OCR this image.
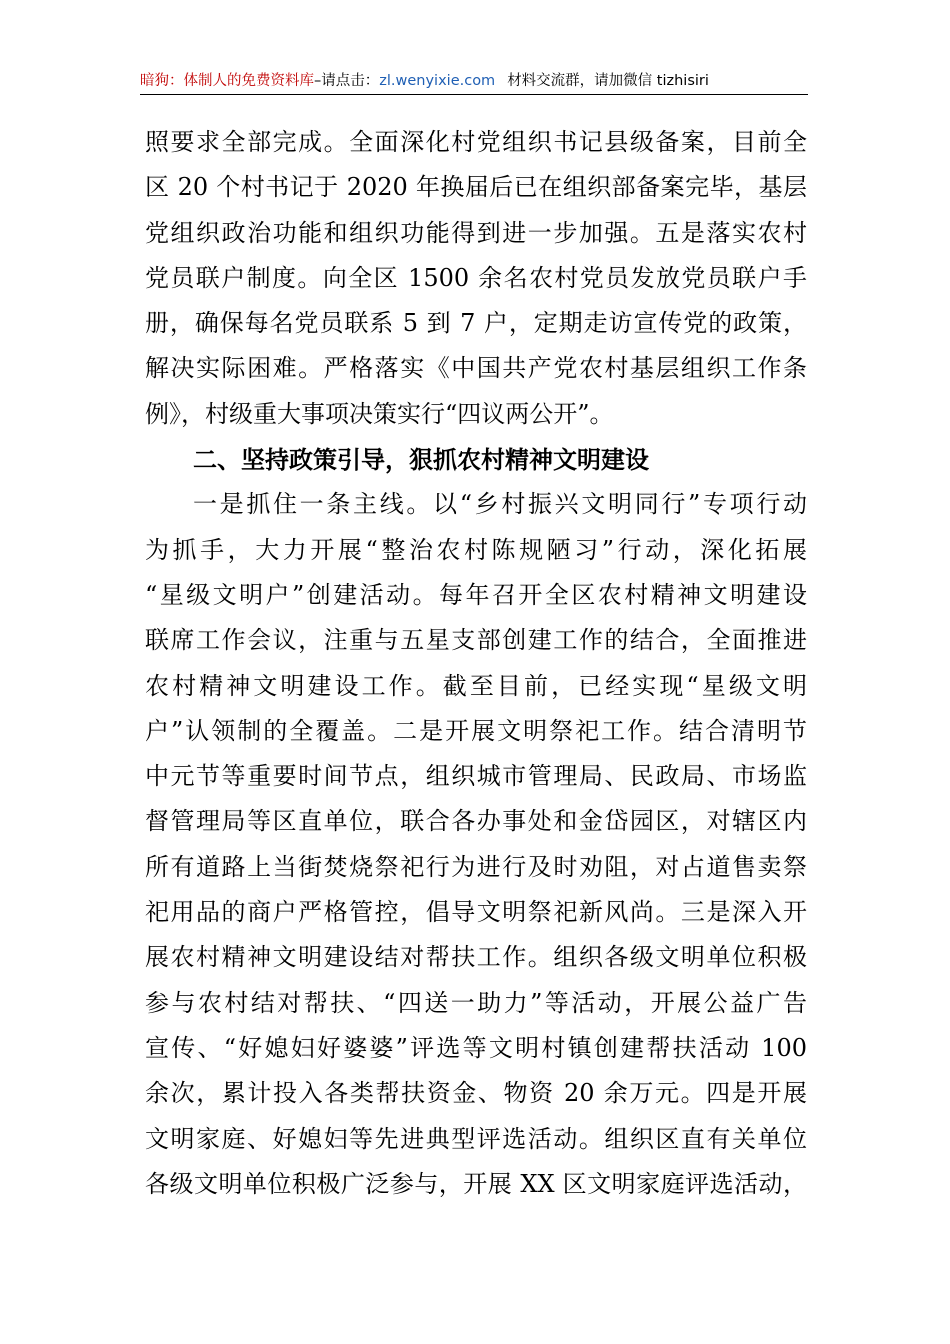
暗狗：体制人的免费资料库–请点击：zl.wenyixie.com 材料交流群，请加微信 tizhisiri
照要求全部完成。全面深化村党组织书记县级备案，目前全
区 20 个村书记于 2020 年换届后已在组织部备案完毕，基层
党组织政治功能和组织功能得到进一步加强。五是落实农村
党员联户制度。向全区 1500 余名农村党员发放党员联户手
册，确保每名党员联系 5 到 7 户，定期走访宣传党的政策，
解决实际困难。严格落实《中国共产党农村基层组织工作条
例》，村级重大事项决策实行“四议两公开”。
二、坚持政策引导，狠抓农村精神文明建设
一是抓住一条主线。以“乡村振兴文明同行”专项行动
为抓手，大力开展“整治农村陈规陋习”行动，深化拓展
“星级文明户”创建活动。每年召开全区农村精神文明建设
联席工作会议，注重与五星支部创建工作的结合，全面推进
农村精神文明建设工作。截至目前，已经实现“星级文明
户”认领制的全覆盖。二是开展文明祭祀工作。结合清明节
中元节等重要时间节点，组织城市管理局、民政局、市场监
督管理局等区直单位，联合各办事处和金岱园区，对辖区内
所有道路上当街焚烧祭祀行为进行及时劝阻，对占道售卖祭
祀用品的商户严格管控，倡导文明祭祀新风尚。三是深入开
展农村精神文明建设结对帮扶工作。组织各级文明单位积极
参与农村结对帮扶、“四送一助力”等活动，开展公益广告
宣传、“好媳妇好婆婆”评选等文明村镇创建帮扶活动 100
余次，累计投入各类帮扶资金、物资 20 余万元。四是开展
文明家庭、好媳妇等先进典型评选活动。组织区直有关单位
各级文明单位积极广泛参与，开展 XX 区文明家庭评选活动，
